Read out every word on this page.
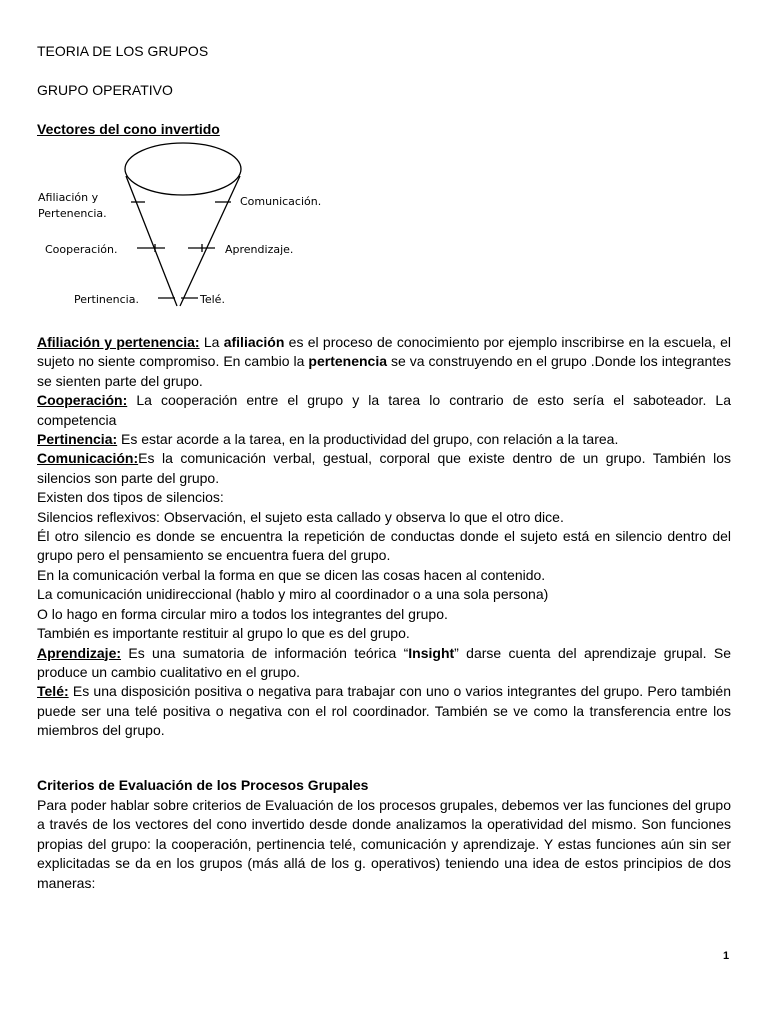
TEORIA DE LOS GRUPOS
GRUPO OPERATIVO
Vectores del cono invertido
Afiliación y
Pertenencia.
Comunicación.
Cooperación.	Aprendizaje.
Pertinencia.	Telé.

Afiliación y pertenencia: La afiliación es el proceso de conocimiento por ejemplo inscribirse en la escuela, el sujeto no siente compromiso. En cambio la pertenencia se va construyendo en el grupo .Donde los integrantes se sienten parte del grupo.

Cooperación: La cooperación entre el grupo y la tarea lo contrario de esto sería el saboteador. La competencia

Pertinencia: Es estar acorde a la tarea, en la productividad del grupo, con relación a la tarea.

Comunicación:Es la comunicación verbal, gestual, corporal que existe dentro de un grupo. También los silencios son parte del grupo.

Existen dos tipos de silencios:

Silencios reflexivos: Observación, el sujeto esta callado y observa lo que el otro dice.

Él otro silencio es donde se encuentra la repetición de conductas donde el sujeto está en silencio dentro del grupo pero el pensamiento se encuentra fuera del grupo.

En la comunicación verbal la forma en que se dicen las cosas hacen al contenido.

La comunicación unidireccional (hablo y miro al coordinador o a una sola persona)

O lo hago en forma circular miro a todos los integrantes del grupo.

También es importante restituir al grupo lo que es del grupo.

Aprendizaje: Es una sumatoria de información teórica “Insight” darse cuenta del aprendizaje grupal. Se produce un cambio cualitativo en el grupo.

Telé: Es una disposición positiva o negativa para trabajar con uno o varios integrantes del grupo. Pero también puede ser una telé positiva o negativa con el rol coordinador. También se ve como la transferencia entre los miembros del grupo.

Criterios de Evaluación de los Procesos Grupales

Para poder hablar sobre criterios de Evaluación de los procesos grupales, debemos ver las funciones del grupo a través de los vectores del cono invertido desde donde analizamos la operatividad del mismo. Son funciones propias del grupo: la cooperación, pertinencia telé, comunicación y aprendizaje. Y estas funciones aún sin ser explicitadas se da en los grupos (más allá de los g. operativos) teniendo una idea de estos principios de dos maneras:

1
